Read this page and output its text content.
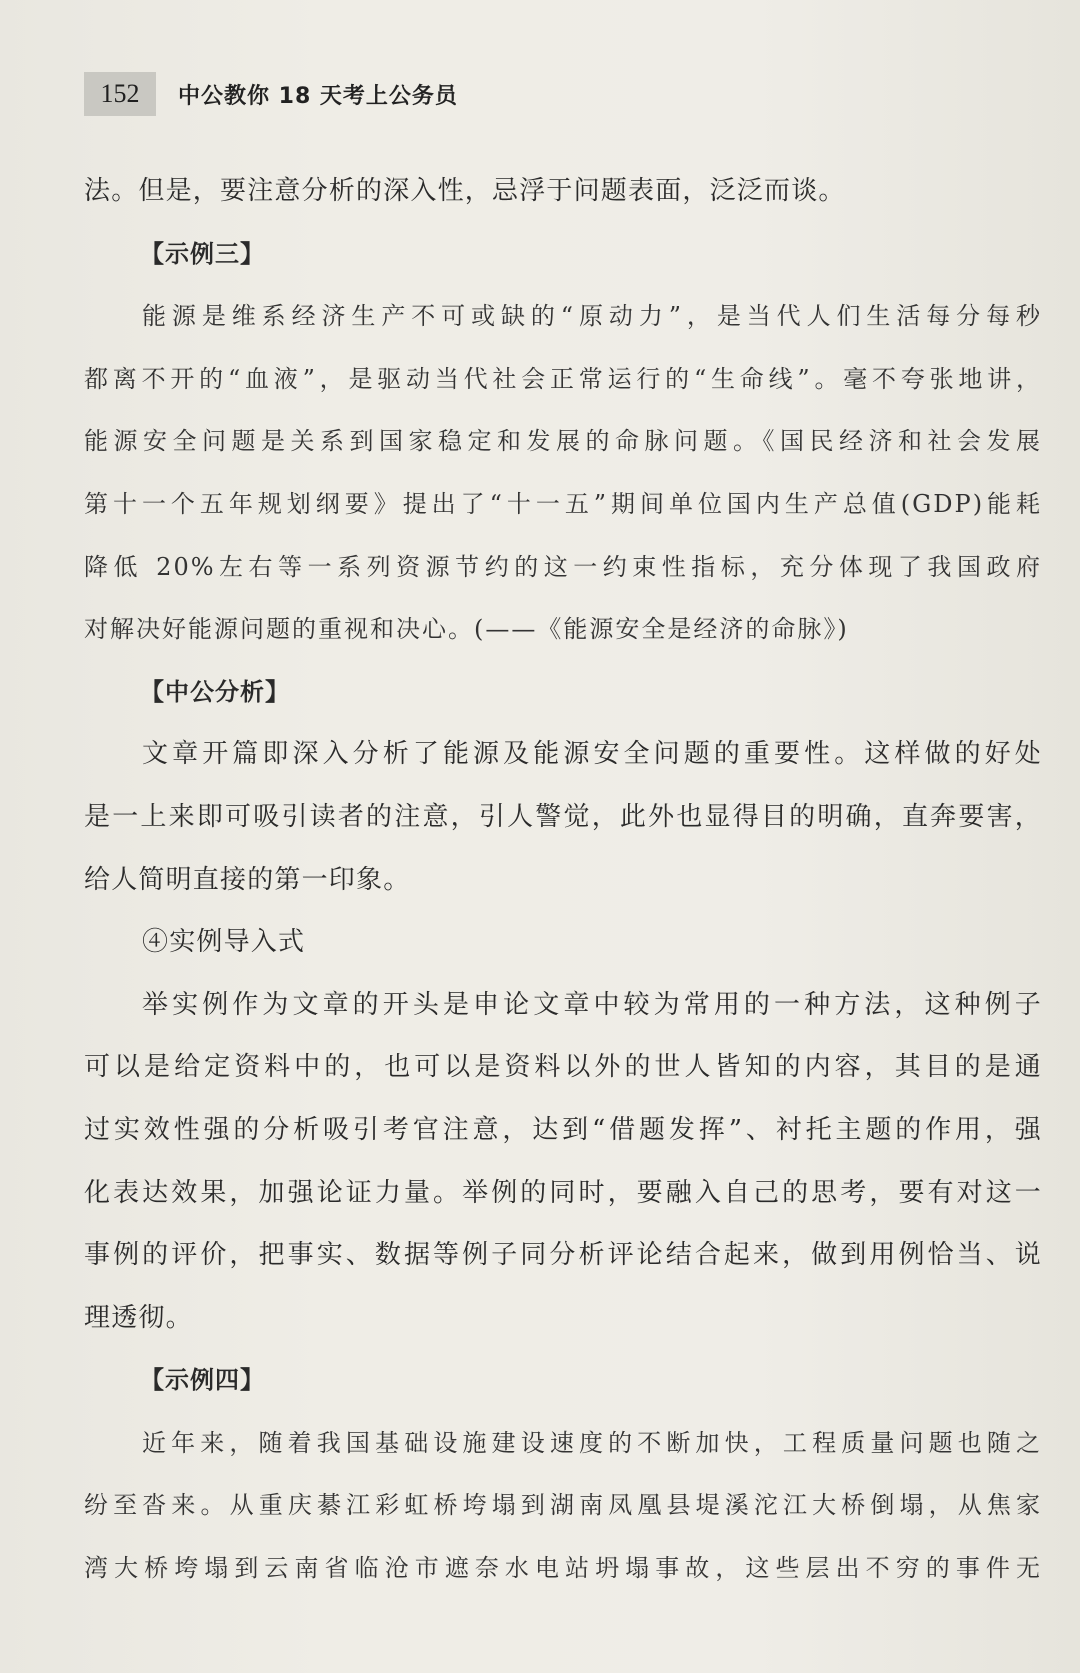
152	中公教你 18 天考上公务员

法。但是，要注意分析的深入性，忌浮于问题表面，泛泛而谈。

【示例三】

能源是维系经济生产不可或缺的“原动力”，是当代人们生活每分每秒
都离不开的“血液”，是驱动当代社会正常运行的“生命线”。毫不夸张地讲，
能源安全问题是关系到国家稳定和发展的命脉问题。《国民经济和社会发展
第十一个五年规划纲要》提出了“十一五”期间单位国内生产总值(GDP)能耗
降低 20%左右等一系列资源节约的这一约束性指标，充分体现了我国政府
对解决好能源问题的重视和决心。(——《能源安全是经济的命脉》)

【中公分析】

文章开篇即深入分析了能源及能源安全问题的重要性。这样做的好处
是一上来即可吸引读者的注意，引人警觉，此外也显得目的明确，直奔要害，
给人简明直接的第一印象。

④实例导入式

举实例作为文章的开头是申论文章中较为常用的一种方法，这种例子
可以是给定资料中的，也可以是资料以外的世人皆知的内容，其目的是通
过实效性强的分析吸引考官注意，达到“借题发挥”、衬托主题的作用，强
化表达效果，加强论证力量。举例的同时，要融入自己的思考，要有对这一
事例的评价，把事实、数据等例子同分析评论结合起来，做到用例恰当、说
理透彻。

【示例四】

近年来，随着我国基础设施建设速度的不断加快，工程质量问题也随之
纷至沓来。从重庆綦江彩虹桥垮塌到湖南凤凰县堤溪沱江大桥倒塌，从焦家
湾大桥垮塌到云南省临沧市遮奈水电站坍塌事故，这些层出不穷的事件无
